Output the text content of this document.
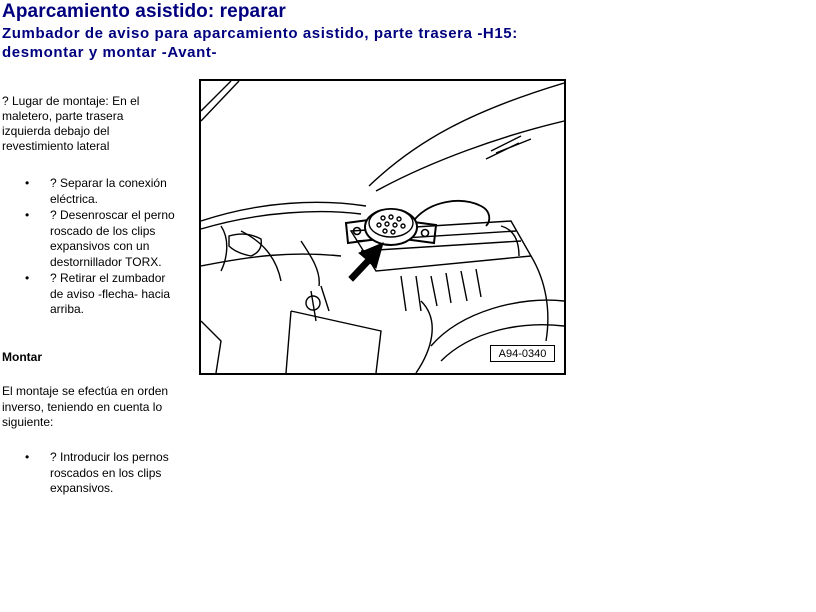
Aparcamiento asistido: reparar
Zumbador de aviso para aparcamiento asistido, parte trasera -H15:
desmontar y montar -Avant-

? Lugar de montaje: En el maletero, parte trasera izquierda debajo del revestimiento lateral

• ? Separar la conexión eléctrica.
• ? Desenroscar el perno roscado de los clips expansivos con un destornillador TORX.
• ? Retirar el zumbador de aviso -flecha- hacia arriba.

Montar

El montaje se efectúa en orden inverso, teniendo en cuenta lo siguiente:

• ? Introducir los pernos roscados en los clips expansivos.
A94-0340
